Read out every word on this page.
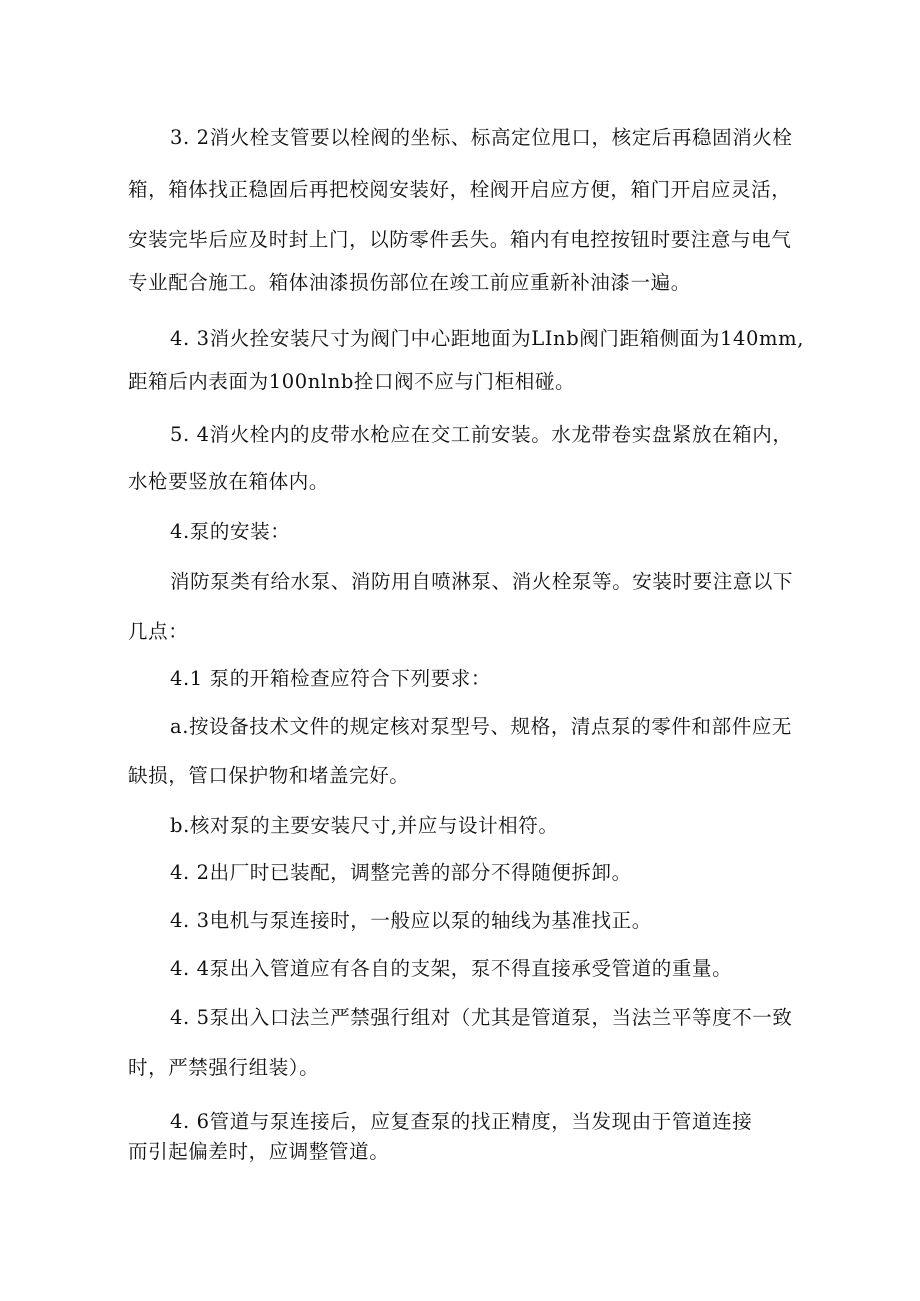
3. 2消火栓支管要以栓阀的坐标、标高定位甩口，核定后再稳固消火栓
箱，箱体找正稳固后再把校阅安装好，栓阀开启应方便，箱门开启应灵活，
安装完毕后应及时封上门，以防零件丢失。箱内有电控按钮时要注意与电气
专业配合施工。箱体油漆损伤部位在竣工前应重新补油漆一遍。
4. 3消火拴安装尺寸为阀门中心距地面为LInb阀门距箱侧面为140mm,
距箱后内表面为100nlnb拴口阀不应与门柜相碰。
5. 4消火栓内的皮带水枪应在交工前安装。水龙带卷实盘紧放在箱内，
水枪要竖放在箱体内。
4.泵的安装：
消防泵类有给水泵、消防用自喷淋泵、消火栓泵等。安装时要注意以下
几点：
4.1 泵的开箱检查应符合下列要求：
a.按设备技术文件的规定核对泵型号、规格，清点泵的零件和部件应无
缺损，管口保护物和堵盖完好。
b.核对泵的主要安装尺寸,并应与设计相符。
4. 2出厂时已装配，调整完善的部分不得随便拆卸。
4. 3电机与泵连接时，一般应以泵的轴线为基准找正。
4. 4泵出入管道应有各自的支架，泵不得直接承受管道的重量。
4. 5泵出入口法兰严禁强行组对（尤其是管道泵，当法兰平等度不一致
时，严禁强行组装）。
4. 6管道与泵连接后，应复查泵的找正精度，当发现由于管道连接
而引起偏差时，应调整管道。
